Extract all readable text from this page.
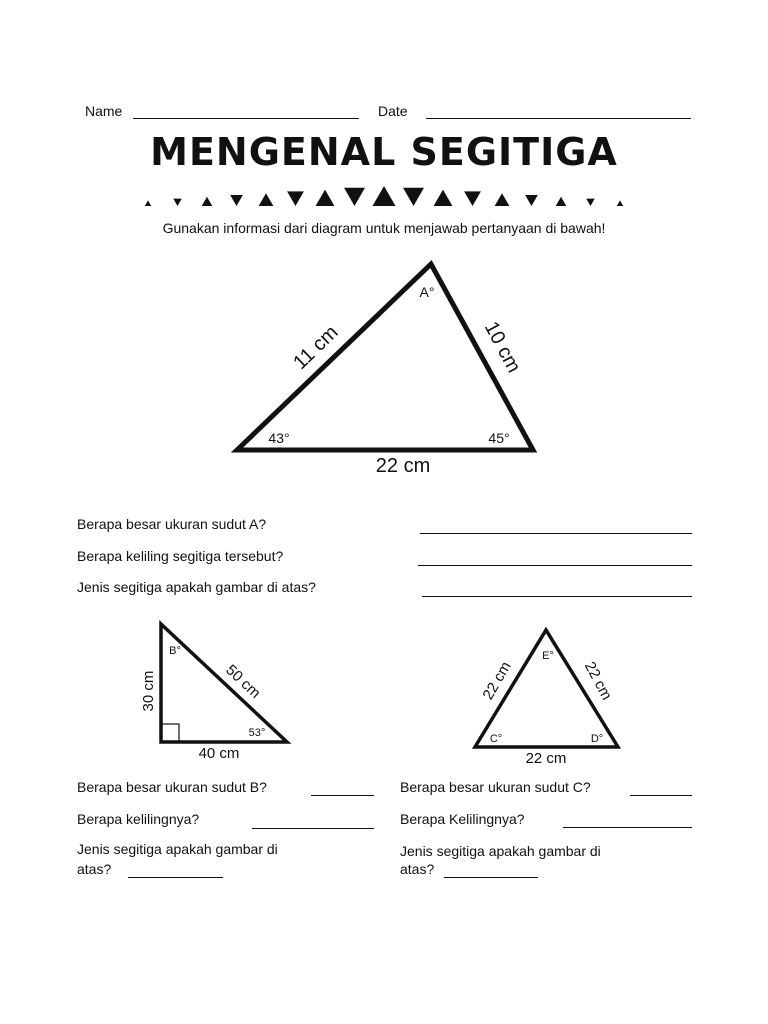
Name	Date
MENGENAL SEGITIGA
Gunakan informasi dari diagram untuk menjawab pertanyaan di bawah!
11 cm	10 cm
22 cm
A°
43°	45°
Berapa besar ukuran sudut A?
Berapa keliling segitiga tersebut?
Jenis segitiga apakah gambar di atas?
30 cm	50 cm
40 cm
B°
53°
22 cm	22 cm
22 cm
E°
C°	D°
Berapa besar ukuran sudut B?
Berapa kelilingnya?
Jenis segitiga apakah gambar di
atas?
Berapa besar ukuran sudut C?
Berapa Kelilingnya?
Jenis segitiga apakah gambar di
atas?
